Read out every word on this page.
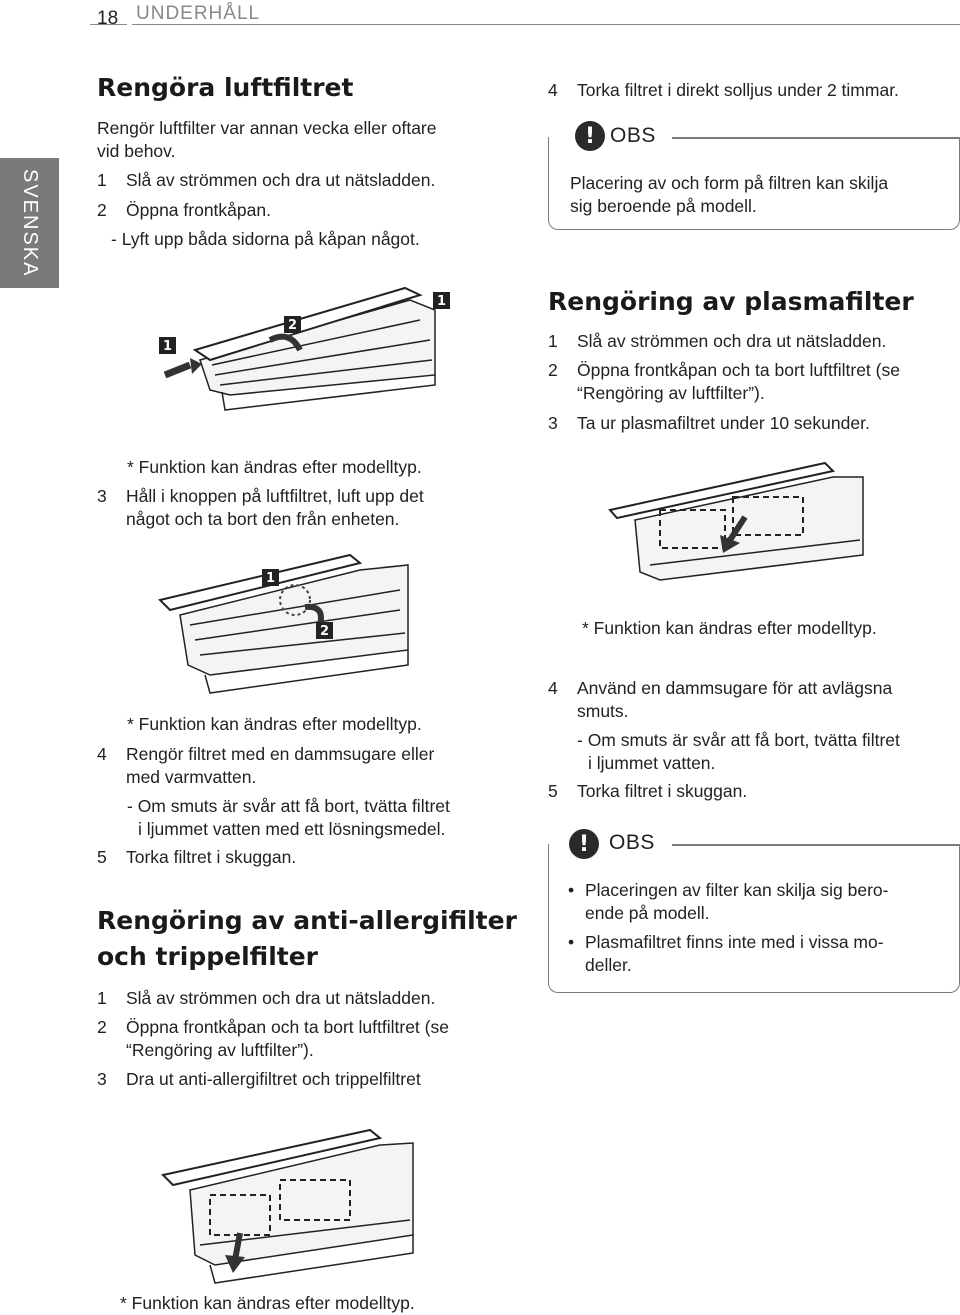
18 UNDERHÅLL
SVENSKA
Rengöra luftfiltret
Rengör luftfilter var annan vecka eller oftare
vid behov.
1 Slå av strömmen och dra ut nätsladden.
2 Öppna frontkåpan.
- Lyft upp båda sidorna på kåpan något.
1
1
2
* Funktion kan ändras efter modelltyp.
3 Håll i knoppen på luftfiltret, luft upp det
något och ta bort den från enheten.
1
2
* Funktion kan ändras efter modelltyp.
4 Rengör filtret med en dammsugare eller
med varmvatten.
- Om smuts är svår att få bort, tvätta filtret
i ljummet vatten med ett lösningsmedel.
5 Torka filtret i skuggan.
Rengöring av anti-allergifilter
och trippelfilter
1 Slå av strömmen och dra ut nätsladden.
2 Öppna frontkåpan och ta bort luftfiltret (se
“Rengöring av luftfilter”).
3 Dra ut anti-allergifiltret och trippelfiltret
* Funktion kan ändras efter modelltyp.
4 Torka filtret i direkt solljus under 2 timmar.
! OBS
Placering av och form på filtren kan skilja
sig beroende på modell.
Rengöring av plasmafilter
1 Slå av strömmen och dra ut nätsladden.
2 Öppna frontkåpan och ta bort luftfiltret (se
“Rengöring av luftfilter”).
3 Ta ur plasmafiltret under 10 sekunder.
* Funktion kan ändras efter modelltyp.
4 Använd en dammsugare för att avlägsna
smuts.
- Om smuts är svår att få bort, tvätta filtret
i ljummet vatten.
5 Torka filtret i skuggan.
! OBS
• Placeringen av filter kan skilja sig bero-
ende på modell.
• Plasmafiltret finns inte med i vissa mo-
deller.
